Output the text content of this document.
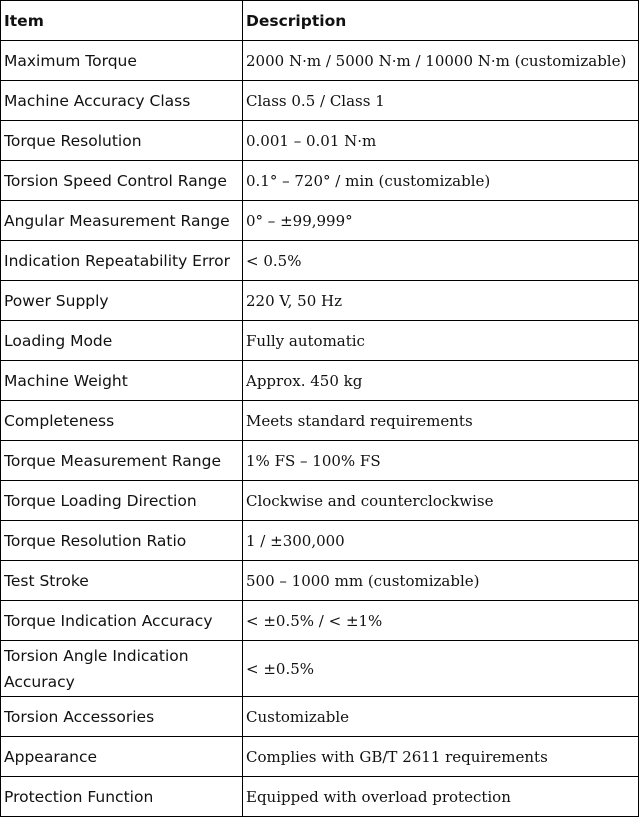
Item	Description
Maximum Torque	2000 N·m / 5000 N·m / 10000 N·m (customizable)
Machine Accuracy Class	Class 0.5 / Class 1
Torque Resolution	0.001 – 0.01 N·m
Torsion Speed Control Range	0.1° – 720° / min (customizable)
Angular Measurement Range	0° – ±99,999°
Indication Repeatability Error	< 0.5%
Power Supply	220 V, 50 Hz
Loading Mode	Fully automatic
Machine Weight	Approx. 450 kg
Completeness	Meets standard requirements
Torque Measurement Range	1% FS – 100% FS
Torque Loading Direction	Clockwise and counterclockwise
Torque Resolution Ratio	1 / ±300,000
Test Stroke	500 – 1000 mm (customizable)
Torque Indication Accuracy	< ±0.5% / < ±1%
Torsion Angle Indication Accuracy	< ±0.5%
Torsion Accessories	Customizable
Appearance	Complies with GB/T 2611 requirements
Protection Function	Equipped with overload protection
